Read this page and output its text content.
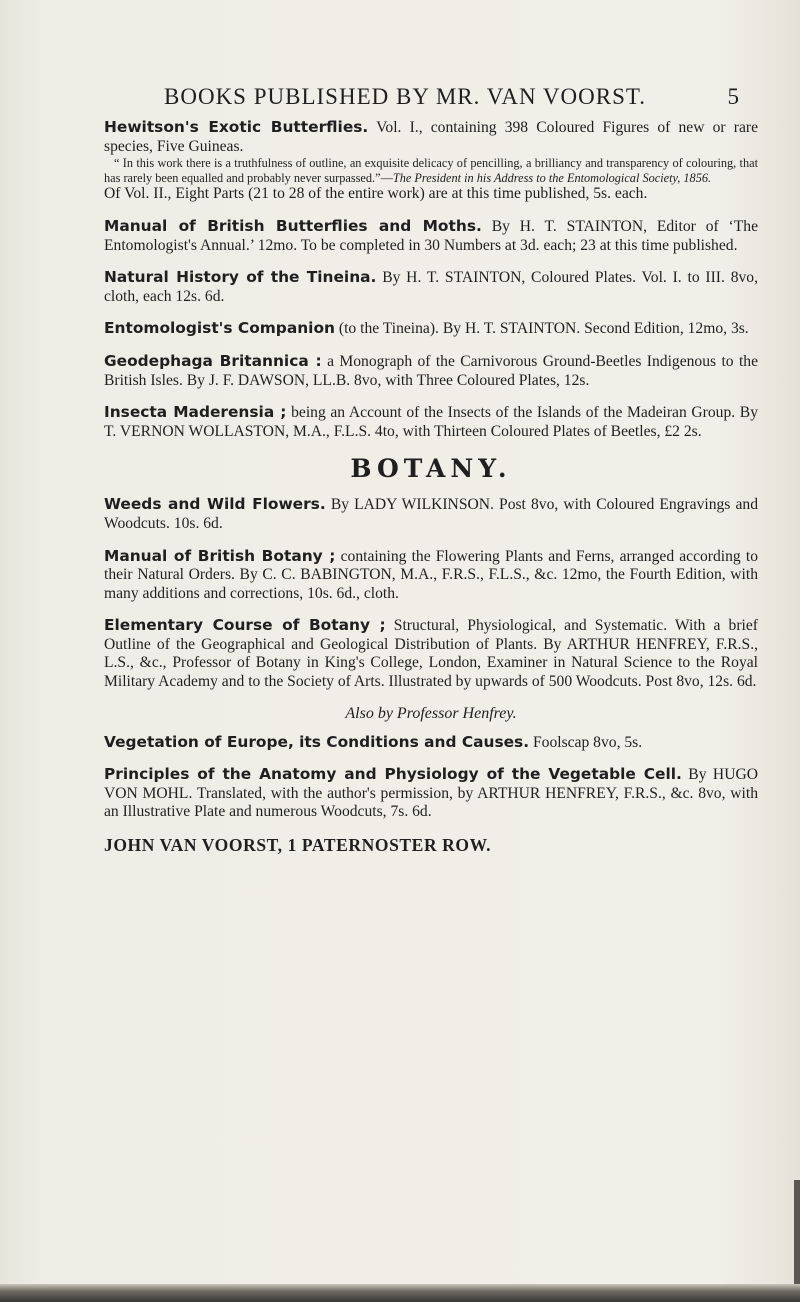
BOOKS PUBLISHED BY MR. VAN VOORST.	5

Hewitson's Exotic Butterflies. Vol. I., containing 398 Coloured Figures of new or rare species, Five Guineas.

“ In this work there is a truthfulness of outline, an exquisite delicacy of pencilling, a brilliancy and transparency of colouring, that has rarely been equalled and probably never surpassed.”—The President in his Address to the Entomological Society, 1856.

Of Vol. II., Eight Parts (21 to 28 of the entire work) are at this time published, 5s. each.

Manual of British Butterflies and Moths. By H. T. STAINTON, Editor of ‘The Entomologist's Annual.’ 12mo. To be completed in 30 Numbers at 3d. each; 23 at this time published.

Natural History of the Tineina. By H. T. STAINTON, Coloured Plates. Vol. I. to III. 8vo, cloth, each 12s. 6d.

Entomologist's Companion (to the Tineina). By H. T. STAINTON. Second Edition, 12mo, 3s.

Geodephaga Britannica : a Monograph of the Carnivorous Ground-Beetles Indigenous to the British Isles. By J. F. DAWSON, LL.B. 8vo, with Three Coloured Plates, 12s.

Insecta Maderensia ; being an Account of the Insects of the Islands of the Madeiran Group. By T. VERNON WOLLASTON, M.A., F.L.S. 4to, with Thirteen Coloured Plates of Beetles, £2 2s.

BOTANY.

Weeds and Wild Flowers. By LADY WILKINSON. Post 8vo, with Coloured Engravings and Woodcuts. 10s. 6d.

Manual of British Botany ; containing the Flowering Plants and Ferns, arranged according to their Natural Orders. By C. C. BABINGTON, M.A., F.R.S., F.L.S., &c. 12mo, the Fourth Edition, with many additions and corrections, 10s. 6d., cloth.

Elementary Course of Botany ; Structural, Physiological, and Systematic. With a brief Outline of the Geographical and Geological Distribution of Plants. By ARTHUR HENFREY, F.R.S., L.S., &c., Professor of Botany in King's College, London, Examiner in Natural Science to the Royal Military Academy and to the Society of Arts. Illustrated by upwards of 500 Woodcuts. Post 8vo, 12s. 6d.

Also by Professor Henfrey.

Vegetation of Europe, its Conditions and Causes. Foolscap 8vo, 5s.

Principles of the Anatomy and Physiology of the Vegetable Cell. By HUGO VON MOHL. Translated, with the author's permission, by ARTHUR HENFREY, F.R.S., &c. 8vo, with an Illustrative Plate and numerous Woodcuts, 7s. 6d.

JOHN VAN VOORST, 1 PATERNOSTER ROW.
